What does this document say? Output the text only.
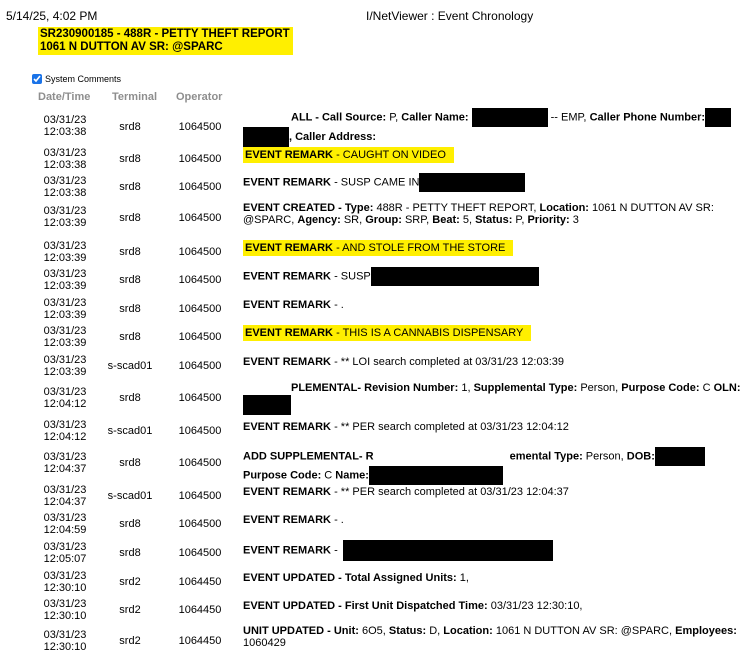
5/14/25, 4:02 PM	I/NetViewer : Event Chronology
SR230900185 - 488R - PETTY THEFT REPORT
1061 N DUTTON AV SR: @SPARC
System Comments
Date/Time Terminal Operator
03/31/23
12:03:38	srd8	1064500
ALL - Call Source: P, Caller Name:	-- EMP, Caller Phone Number:
, Caller Address:
03/31/23
12:03:38	srd8	1064500	EVENT REMARK - CAUGHT ON VIDEO
03/31/23
12:03:38	srd8	1064500	EVENT REMARK - SUSP CAME IN
03/31/23
12:03:39	srd8	1064500
EVENT CREATED - Type: 488R - PETTY THEFT REPORT, Location: 1061 N DUTTON AV SR:
@SPARC, Agency: SR, Group: SRP, Beat: 5, Status: P, Priority: 3
03/31/23
12:03:39	srd8	1064500	EVENT REMARK - AND STOLE FROM THE STORE
03/31/23
12:03:39	srd8	1064500	EVENT REMARK - SUSP
03/31/23
12:03:39	srd8	1064500	EVENT REMARK - .
03/31/23
12:03:39	srd8	1064500	EVENT REMARK - THIS IS A CANNABIS DISPENSARY
03/31/23
12:03:39	s-scad01	1064500	EVENT REMARK - ** LOI search completed at 03/31/23 12:03:39
03/31/23
12:04:12	srd8	1064500
PLEMENTAL- Revision Number: 1, Supplemental Type: Person, Purpose Code: C OLN:
03/31/23
12:04:12	s-scad01	1064500	EVENT REMARK - ** PER search completed at 03/31/23 12:04:12
03/31/23
12:04:37	srd8	1064500
ADD SUPPLEMENTAL- R	emental Type: Person, DOB:
Purpose Code: C Name:
03/31/23
12:04:37	s-scad01	1064500	EVENT REMARK - ** PER search completed at 03/31/23 12:04:37
03/31/23
12:04:59	srd8	1064500	EVENT REMARK - .
03/31/23
12:05:07	srd8	1064500	EVENT REMARK -
03/31/23
12:30:10	srd2	1064450	EVENT UPDATED - Total Assigned Units: 1,
03/31/23
12:30:10	srd2	1064450	EVENT UPDATED - First Unit Dispatched Time: 03/31/23 12:30:10,
03/31/23
12:30:10	srd2	1064450
UNIT UPDATED - Unit: 6O5, Status: D, Location: 1061 N DUTTON AV SR: @SPARC, Employees:
1060429
